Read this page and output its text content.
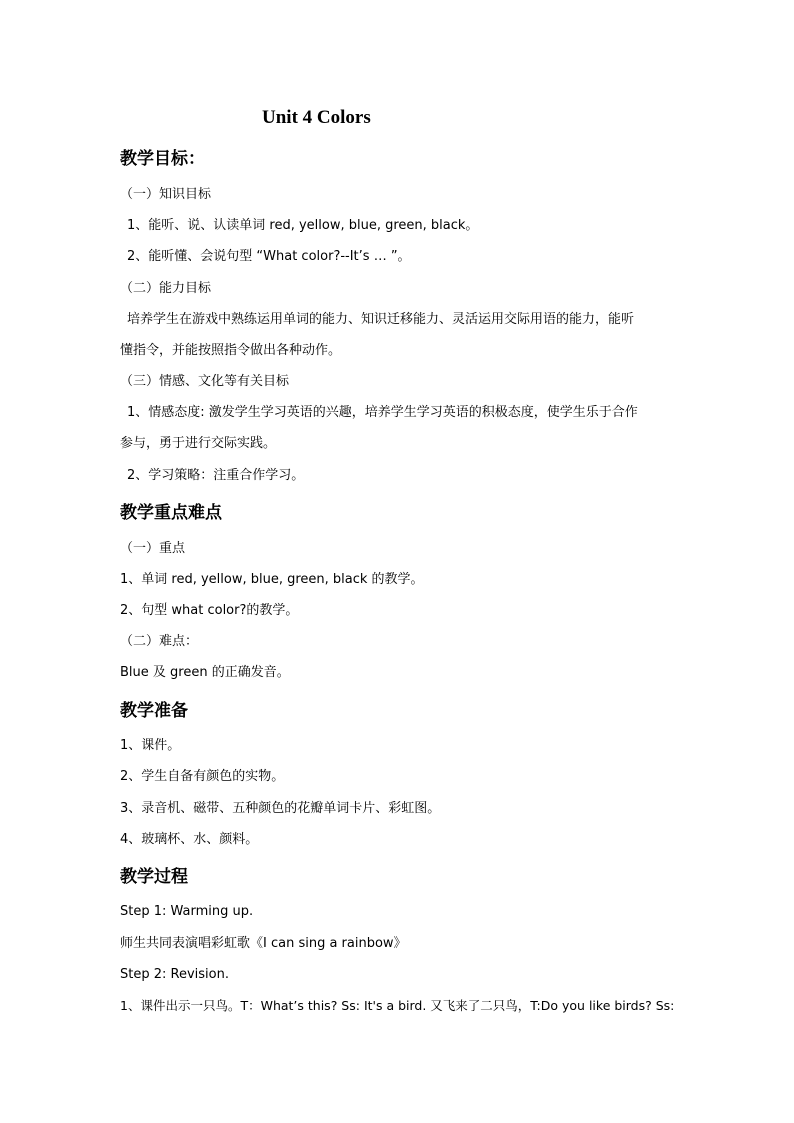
Unit 4 Colors
教学目标：
（一）知识目标
1、能听、说、认读单词 red, yellow, blue, green, black。
2、能听懂、会说句型 “What color?--It’s … ”。
（二）能力目标
培养学生在游戏中熟练运用单词的能力、知识迁移能力、灵活运用交际用语的能力，能听
懂指令，并能按照指令做出各种动作。
（三）情感、文化等有关目标
1、情感态度: 激发学生学习英语的兴趣，培养学生学习英语的积极态度，使学生乐于合作
参与，勇于进行交际实践。
2、学习策略：注重合作学习。
教学重点难点
（一）重点
1、单词 red, yellow, blue, green, black 的教学。
2、句型 what color?的教学。
（二）难点：
Blue 及 green 的正确发音。
教学准备
1、课件。
2、学生自备有颜色的实物。
3、录音机、磁带、五种颜色的花瓣单词卡片、彩虹图。
4、玻璃杯、水、颜料。
教学过程
Step 1: Warming up.
师生共同表演唱彩虹歌《I can sing a rainbow》
Step 2: Revision.
1、课件出示一只鸟。T：What’s this? Ss: It's a bird. 又飞来了二只鸟，T:Do you like birds? Ss:
